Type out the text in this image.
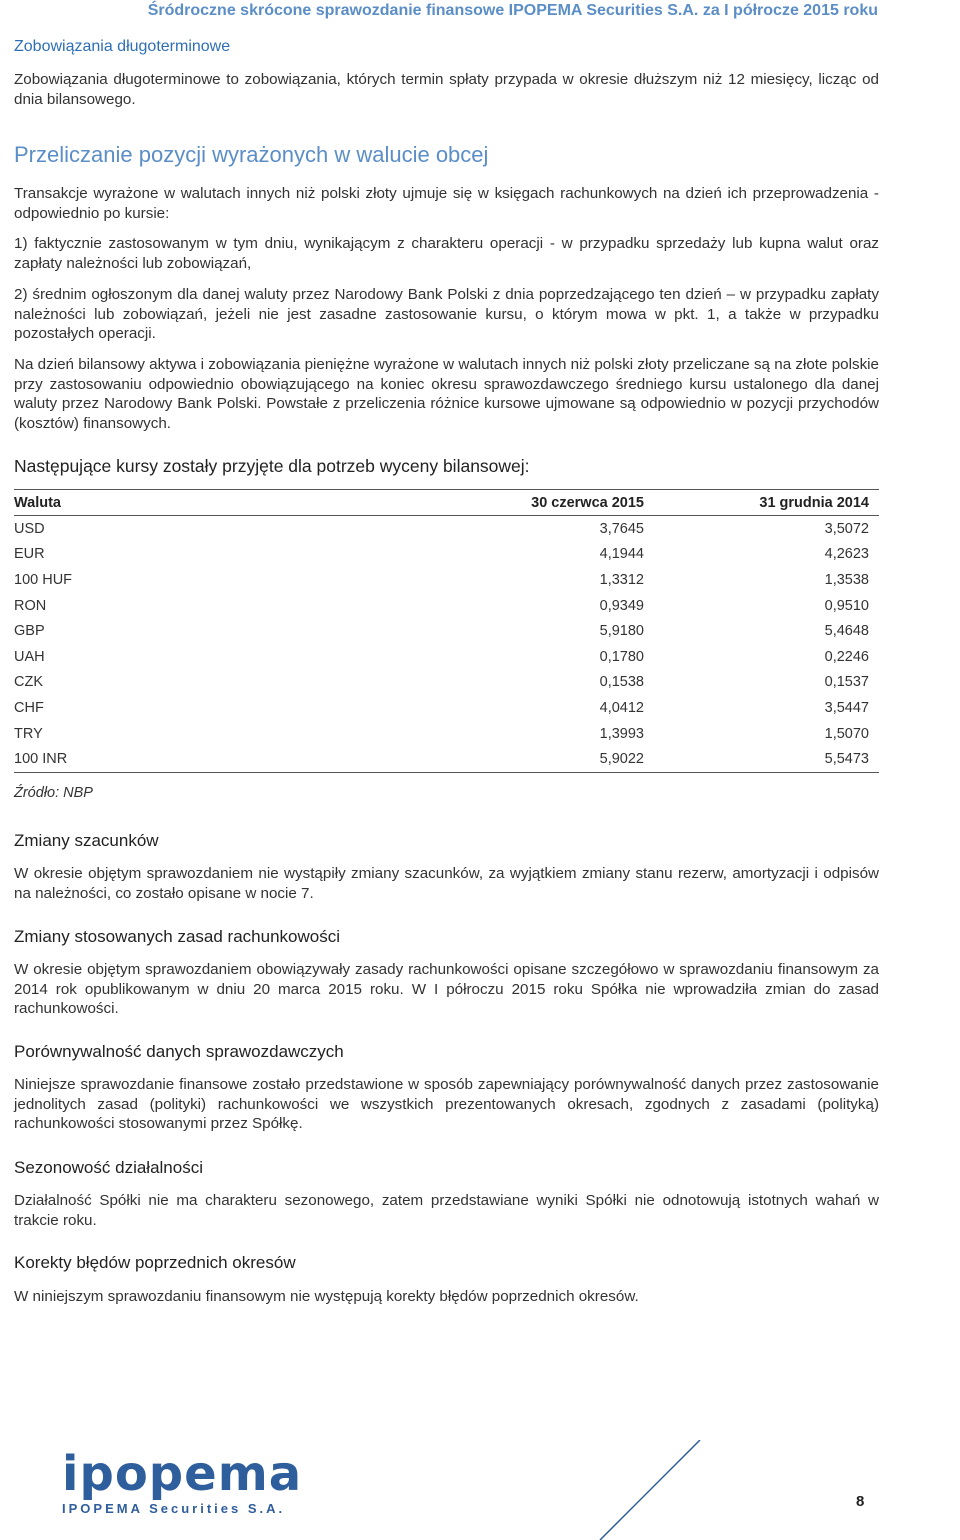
Śródroczne skrócone sprawozdanie finansowe IPOPEMA Securities S.A. za I półrocze 2015 roku
Zobowiązania długoterminowe
Zobowiązania długoterminowe to zobowiązania, których termin spłaty przypada w okresie dłuższym niż 12 miesięcy, licząc od dnia bilansowego.
Przeliczanie pozycji wyrażonych w walucie obcej
Transakcje wyrażone w walutach innych niż polski złoty ujmuje się w księgach rachunkowych na dzień ich przeprowadzenia - odpowiednio po kursie:
1) faktycznie zastosowanym w tym dniu, wynikającym z charakteru operacji - w przypadku sprzedaży lub kupna walut oraz zapłaty należności lub zobowiązań,
2) średnim ogłoszonym dla danej waluty przez Narodowy Bank Polski z dnia poprzedzającego ten dzień – w przypadku zapłaty należności lub zobowiązań, jeżeli nie jest zasadne zastosowanie kursu, o którym mowa w pkt. 1, a także w przypadku pozostałych operacji.
Na dzień bilansowy aktywa i zobowiązania pieniężne wyrażone w walutach innych niż polski złoty przeliczane są na złote polskie przy zastosowaniu odpowiednio obowiązującego na koniec okresu sprawozdawczego średniego kursu ustalonego dla danej waluty przez Narodowy Bank Polski. Powstałe z przeliczenia różnice kursowe ujmowane są odpowiednio w pozycji przychodów (kosztów) finansowych.
Następujące kursy zostały przyjęte dla potrzeb wyceny bilansowej:
Waluta	30 czerwca 2015	31 grudnia 2014	
USD	3,7645	3,5072	
EUR	4,1944	4,2623	
100 HUF	1,3312	1,3538	
RON	0,9349	0,9510	
GBP	5,9180	5,4648	
UAH	0,1780	0,2246	
CZK	0,1538	0,1537	
CHF	4,0412	3,5447	
TRY	1,3993	1,5070	
100 INR	5,9022	5,5473	
Źródło: NBP
Zmiany szacunków
W okresie objętym sprawozdaniem nie wystąpiły zmiany szacunków, za wyjątkiem zmiany stanu rezerw, amortyzacji i odpisów na należności, co zostało opisane w nocie 7.
Zmiany stosowanych zasad rachunkowości
W okresie objętym sprawozdaniem obowiązywały zasady rachunkowości opisane szczegółowo w sprawozdaniu finansowym za 2014 rok opublikowanym w dniu 20 marca 2015 roku. W I półroczu 2015 roku Spółka nie wprowadziła zmian do zasad rachunkowości.
Porównywalność danych sprawozdawczych
Niniejsze sprawozdanie finansowe zostało przedstawione w sposób zapewniający porównywalność danych przez zastosowanie jednolitych zasad (polityki) rachunkowości we wszystkich prezentowanych okresach, zgodnych z zasadami (polityką) rachunkowości stosowanymi przez Spółkę.
Sezonowość działalności
Działalność Spółki nie ma charakteru sezonowego, zatem przedstawiane wyniki Spółki nie odnotowują istotnych wahań w trakcie roku.
Korekty błędów poprzednich okresów
W niniejszym sprawozdaniu finansowym nie występują korekty błędów poprzednich okresów.
ipopema
IPOPEMA Securities S.A.	8
